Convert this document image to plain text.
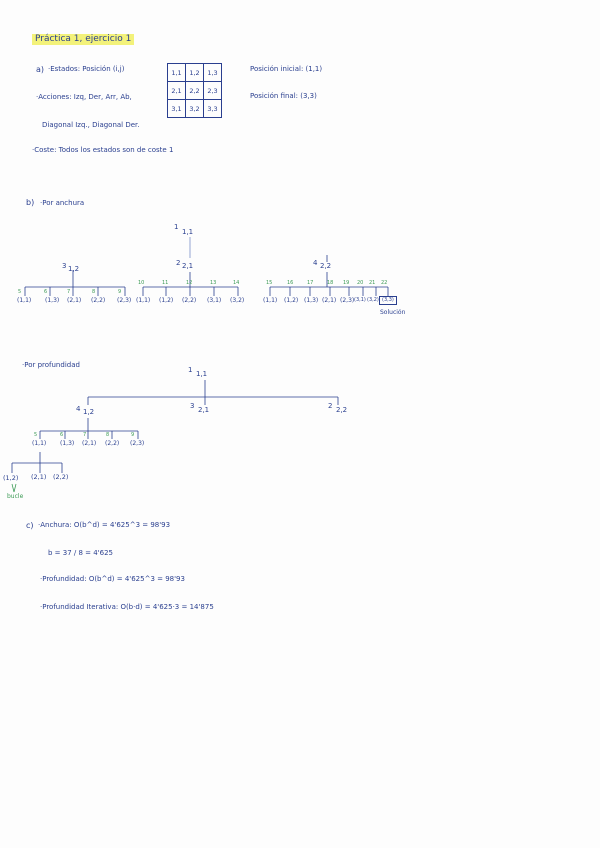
Práctica 1, ejercicio 1
a) ·Estados: Posición (i,j)
·Acciones: Izq, Der, Arr, Ab,
Diagonal Izq., Diagonal Der.
·Coste: Todos los estados son de coste 1
Posición inicial: (1,1)
Posición final: (3,3)
1,1	1,2	1,3
2,1	2,2	2,3
3,1	3,2	3,3
b) ·Por anchura
·Por profundidad
1
1,1
3 1,2
2 2,1	4 2,2
5
(1,1)
6
(1,3)
7
(2,1)
8
(2,2)
9
(2,3)
10
(1,1)
11
(1,2)
12
(2,2)
13
(3,1)
14
(3,2)
15
(1,1)
16
(1,2)
17
(1,3)
18
(2,1)
19
(2,3)
20
(3,1)
21
(3,2)
22
(3,3)
Solución
1 1,1
4 1,2
3 2,1	2 2,2
5
(1,1)
6
(1,3)
7
(2,1)
8
(2,2)
9
(2,3)
(1,2) (2,1) (2,2)
bucle
c) ·Anchura: O(b^d) = 4'625^3 = 98'93
b = 37 / 8 = 4'625
·Profundidad: O(b^d) = 4'625^3 = 98'93
·Profundidad Iterativa: O(b·d) = 4'625·3 = 14'875
